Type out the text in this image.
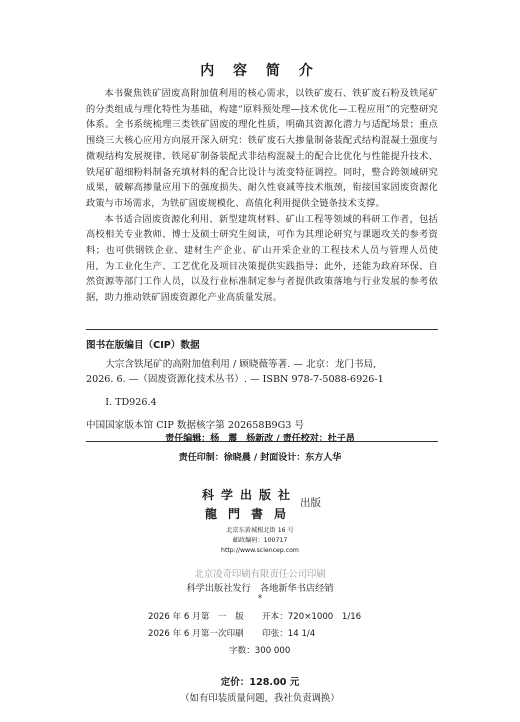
内 容 简 介

本书聚焦铁矿固废高附加值利用的核心需求，以铁矿废石、铁矿废石粉及铁尾矿的分类组成与理化特性为基础，构建“原料预处理—技术优化—工程应用”的完整研究体系。全书系统梳理三类铁矿固废的理化性质，明确其资源化潜力与适配场景；重点围绕三大核心应用方向展开深入研究：铁矿废石大掺量制备装配式结构混凝土强度与微观结构发展规律、铁尾矿制备装配式非结构混凝土的配合比优化与性能提升技术、铁尾矿超细粉料制备充填材料的配合比设计与流变特征调控。同时，整合跨领域研究成果，破解高掺量应用下的强度损失、耐久性衰减等技术瓶颈，衔接国家固废资源化政策与市场需求，为铁矿固废规模化、高值化利用提供全链条技术支撑。

本书适合固废资源化利用、新型建筑材料、矿山工程等领域的科研工作者，包括高校相关专业教师、博士及硕士研究生阅读，可作为其理论研究与课题攻关的参考资料；也可供钢铁企业、建材生产企业、矿山开采企业的工程技术人员与管理人员使用，为工业化生产、工艺优化及项目决策提供实践指导；此外，还能为政府环保、自然资源等部门工作人员，以及行业标准制定参与者提供政策落地与行业发展的参考依据，助力推动铁矿固废资源化产业高质量发展。

图书在版编目（CIP）数据
大宗含铁尾矿的高附加值利用 / 顾晓薇等著. — 北京：龙门书局,
2026. 6. —（固废资源化技术丛书）. — ISBN 978-7-5088-6926-1
Ⅰ. TD926.4
中国国家版本馆 CIP 数据核字第 202658B9G3 号
责任编辑：杨　震　杨新改 / 责任校对：杜子昂
责任印制：徐晓晨 / 封面设计：东方人华
科学出版社
龍門書局
出版
北京东黄城根北街 16 号
邮政编码：100717
http://www.sciencep.com
北京凌奇印刷有限责任公司印刷
科学出版社发行　各地新华书店经销
*
2026 年 6 月第　一　版 开本：720×1000　1/16
2026 年 6 月第一次印刷 印张：14 1/4
字数：300 000
定价：128.00 元
（如有印装质量问题，我社负责调换）
